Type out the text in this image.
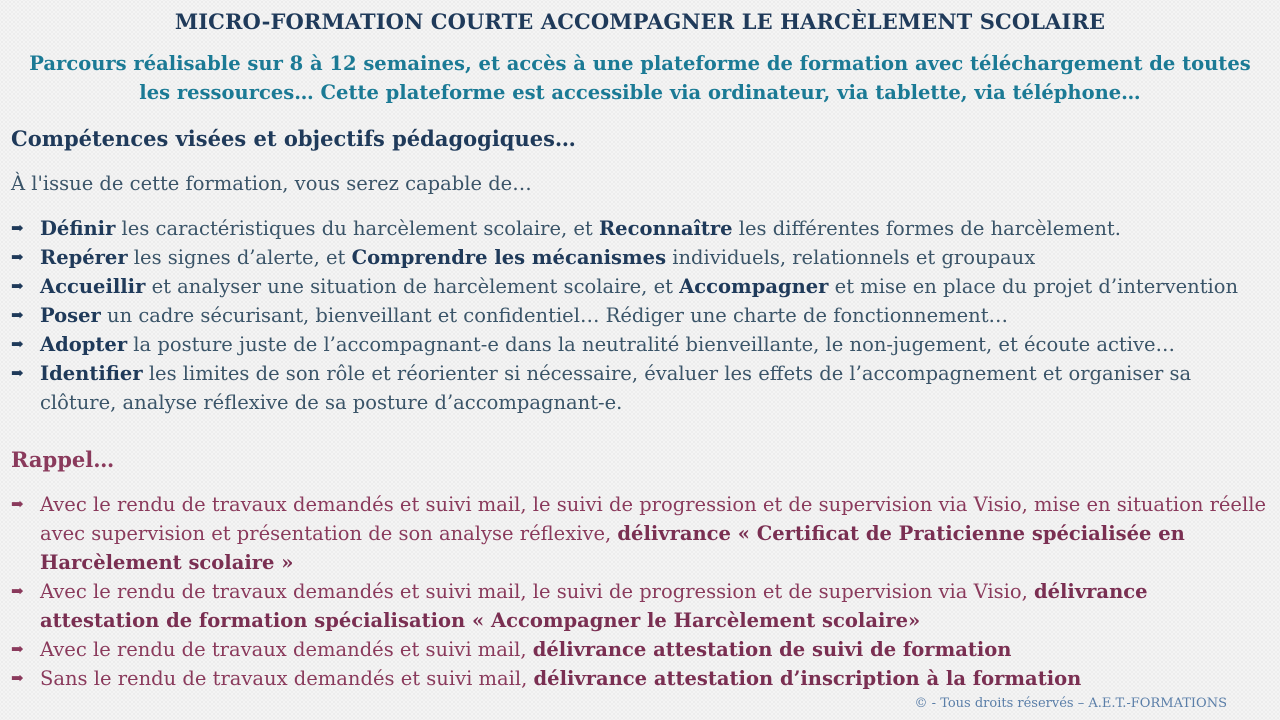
MICRO-FORMATION COURTE ACCOMPAGNER LE HARCÈLEMENT SCOLAIRE
Parcours réalisable sur 8 à 12 semaines, et accès à une plateforme de formation avec téléchargement de toutes
les ressources… Cette plateforme est accessible via ordinateur, via tablette, via téléphone…
Compétences visées et objectifs pédagogiques…
À l'issue de cette formation, vous serez capable de…
➡ Définir les caractéristiques du harcèlement scolaire, et Reconnaître les différentes formes de harcèlement.
➡ Repérer les signes d’alerte, et Comprendre les mécanismes individuels, relationnels et groupaux
➡ Accueillir et analyser une situation de harcèlement scolaire, et Accompagner et mise en place du projet d’intervention
➡ Poser un cadre sécurisant, bienveillant et confidentiel… Rédiger une charte de fonctionnement…
➡ Adopter la posture juste de l’accompagnant-e dans la neutralité bienveillante, le non-jugement, et écoute active…
➡ Identifier les limites de son rôle et réorienter si nécessaire, évaluer les effets de l’accompagnement et organiser sa clôture, analyse réflexive de sa posture d’accompagnant-e.
Rappel…
➡ Avec le rendu de travaux demandés et suivi mail, le suivi de progression et de supervision via Visio, mise en situation réelle avec supervision et présentation de son analyse réflexive, délivrance « Certificat de Praticienne spécialisée en Harcèlement scolaire »
➡ Avec le rendu de travaux demandés et suivi mail, le suivi de progression et de supervision via Visio, délivrance attestation de formation spécialisation « Accompagner le Harcèlement scolaire»
➡ Avec le rendu de travaux demandés et suivi mail, délivrance attestation de suivi de formation
➡ Sans le rendu de travaux demandés et suivi mail, délivrance attestation d’inscription à la formation
© - Tous droits réservés – A.E.T.-FORMATIONS
